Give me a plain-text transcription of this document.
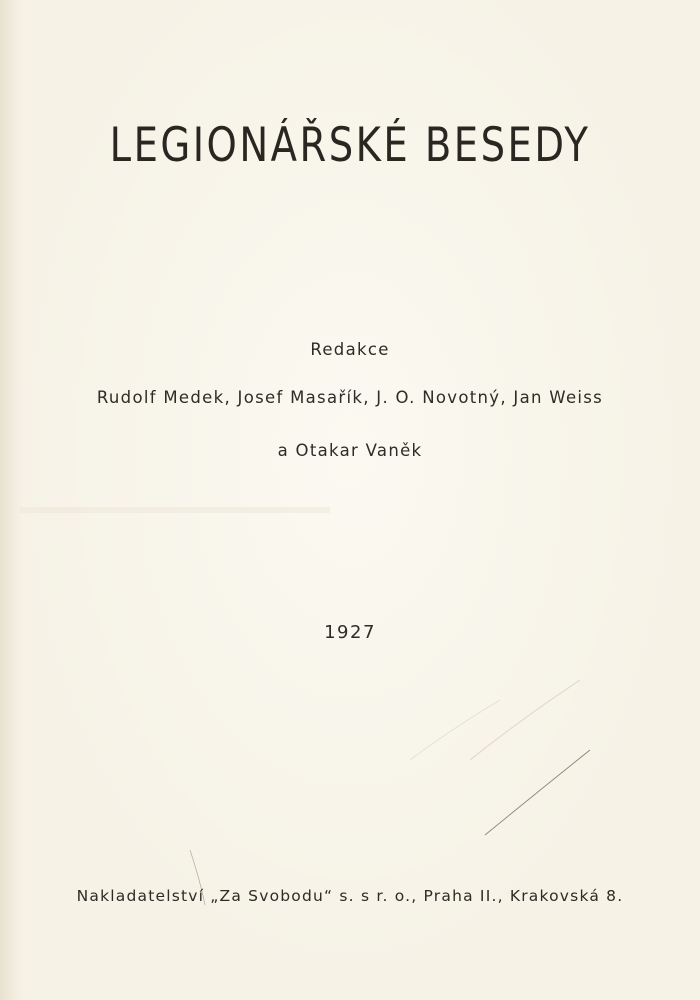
LEGIONÁŘSKÉ BESEDY
Redakce
Rudolf Medek, Josef Masařík, J. O. Novotný, Jan Weiss
a Otakar Vaněk
1927
Nakladatelství „Za Svobodu“ s. s r. o., Praha II., Krakovská 8.
